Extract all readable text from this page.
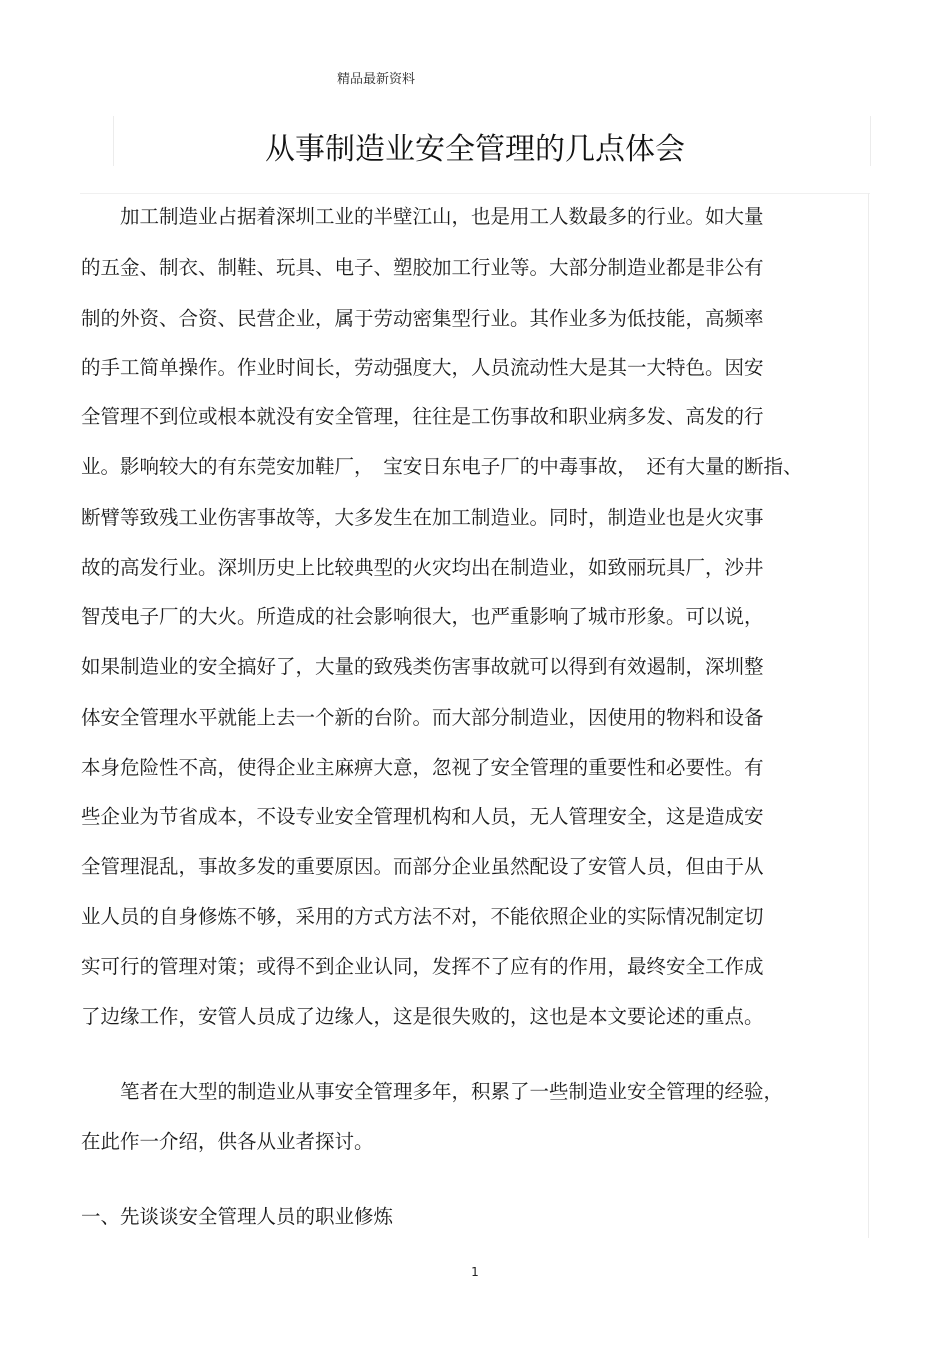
精品最新资料
从事制造业安全管理的几点体会
加工制造业占据着深圳工业的半壁江山，也是用工人数最多的行业。如大量
的五金、制衣、制鞋、玩具、电子、塑胶加工行业等。大部分制造业都是非公有
制的外资、合资、民营企业，属于劳动密集型行业。其作业多为低技能，高频率
的手工简单操作。作业时间长，劳动强度大，人员流动性大是其一大特色。因安
全管理不到位或根本就没有安全管理，往往是工伤事故和职业病多发、高发的行
业。影响较大的有东莞安加鞋厂，　宝安日东电子厂的中毒事故，　还有大量的断指、
断臂等致残工业伤害事故等，大多发生在加工制造业。同时，制造业也是火灾事
故的高发行业。深圳历史上比较典型的火灾均出在制造业，如致丽玩具厂，沙井
智茂电子厂的大火。所造成的社会影响很大，也严重影响了城市形象。可以说，
如果制造业的安全搞好了，大量的致残类伤害事故就可以得到有效遏制，深圳整
体安全管理水平就能上去一个新的台阶。而大部分制造业，因使用的物料和设备
本身危险性不高，使得企业主麻痹大意，忽视了安全管理的重要性和必要性。有
些企业为节省成本，不设专业安全管理机构和人员，无人管理安全，这是造成安
全管理混乱，事故多发的重要原因。而部分企业虽然配设了安管人员，但由于从
业人员的自身修炼不够，采用的方式方法不对，不能依照企业的实际情况制定切
实可行的管理对策；或得不到企业认同，发挥不了应有的作用，最终安全工作成
了边缘工作，安管人员成了边缘人，这是很失败的，这也是本文要论述的重点。
笔者在大型的制造业从事安全管理多年，积累了一些制造业安全管理的经验，
在此作一介绍，供各从业者探讨。
一、先谈谈安全管理人员的职业修炼
1
